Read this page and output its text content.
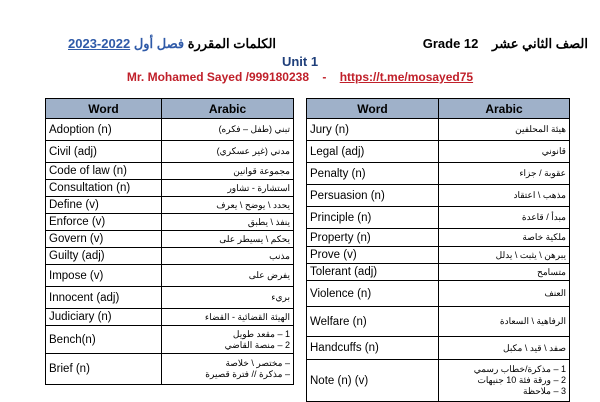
الصف الثاني عشر Grade 12
الكلمات المقررة فصل أول 2022-2023
Unit 1
Mr. Mohamed Sayed /999180238 - https://t.me/mosayed75
Word	Arabic
Adoption (n)	تبني (طفل – فكره)
Civil (adj)	مدني (غير عسكري)
Code of law (n)	مجموعة قوانين
Consultation (n)	استشارة - تشاور
Define (v)	يحدد \ يوضح \ يعرف
Enforce (v)	ينفذ \ يطبق
Govern (v)	يحكم \ يسيطر على
Guilty (adj)	مذنب
Impose (v)	يفرض على
Innocent (adj)	بريء
Judiciary (n)	الهيئة القضائية - القضاء
Bench(n)	1 – مقعد طويل
2 – منصة القاضي
Brief (n)	– مختصر \ خلاصة
– مذكرة // فترة قصيرة
Word	Arabic
Jury (n)	هيئة المحلفين
Legal (adj)	قانوني
Penalty (n)	عقوبة / جزاء
Persuasion (n)	مذهب \ اعتقاد
Principle (n)	مبدأ / قاعدة
Property (n)	ملكية خاصة
Prove (v)	يبرهن \ يثبت \ يدلل
Tolerant (adj)	متسامح
Violence (n)	العنف
Welfare (n)	الرفاهية \ السعادة
Handcuffs (n)	صفد \ قيد \ مكبل
Note (n) (v)	1 – مذكرة/خطاب رسمي
2 – ورقة فئة 10 جنيهات
3 – ملاحظة
